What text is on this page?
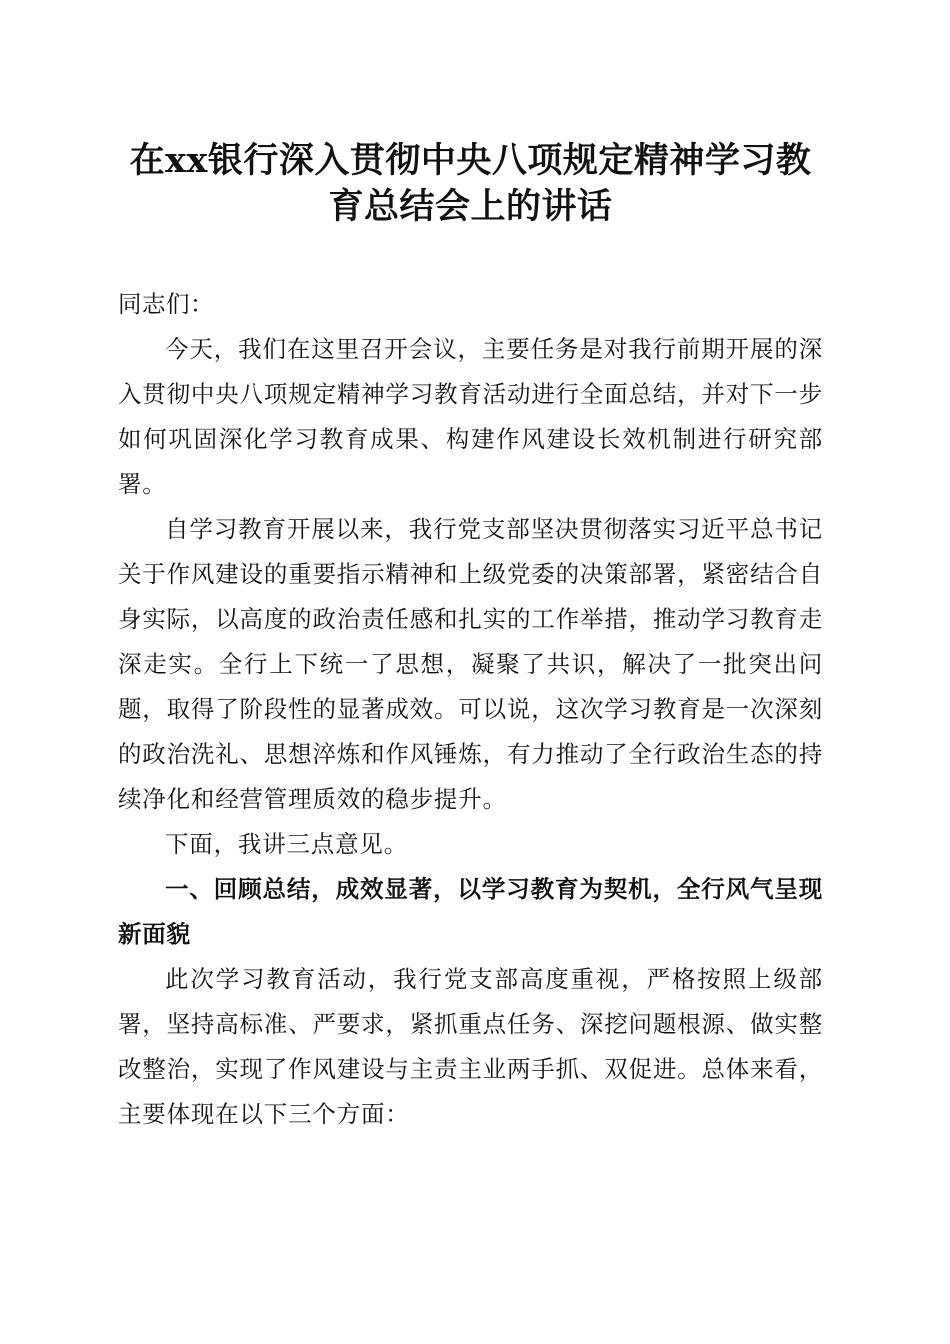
在xx银行深入贯彻中央八项规定精神学习教
育总结会上的讲话

同志们：

今天，我们在这里召开会议，主要任务是对我行前期开展的深入贯彻中央八项规定精神学习教育活动进行全面总结，并对下一步如何巩固深化学习教育成果、构建作风建设长效机制进行研究部署。

自学习教育开展以来，我行党支部坚决贯彻落实习近平总书记关于作风建设的重要指示精神和上级党委的决策部署，紧密结合自身实际，以高度的政治责任感和扎实的工作举措，推动学习教育走深走实。全行上下统一了思想，凝聚了共识，解决了一批突出问题，取得了阶段性的显著成效。可以说，这次学习教育是一次深刻的政治洗礼、思想淬炼和作风锤炼，有力推动了全行政治生态的持续净化和经营管理质效的稳步提升。

下面，我讲三点意见。

一、回顾总结，成效显著，以学习教育为契机，全行风气呈现新面貌

此次学习教育活动，我行党支部高度重视，严格按照上级部署，坚持高标准、严要求，紧抓重点任务、深挖问题根源、做实整改整治，实现了作风建设与主责主业两手抓、双促进。总体来看，主要体现在以下三个方面：
